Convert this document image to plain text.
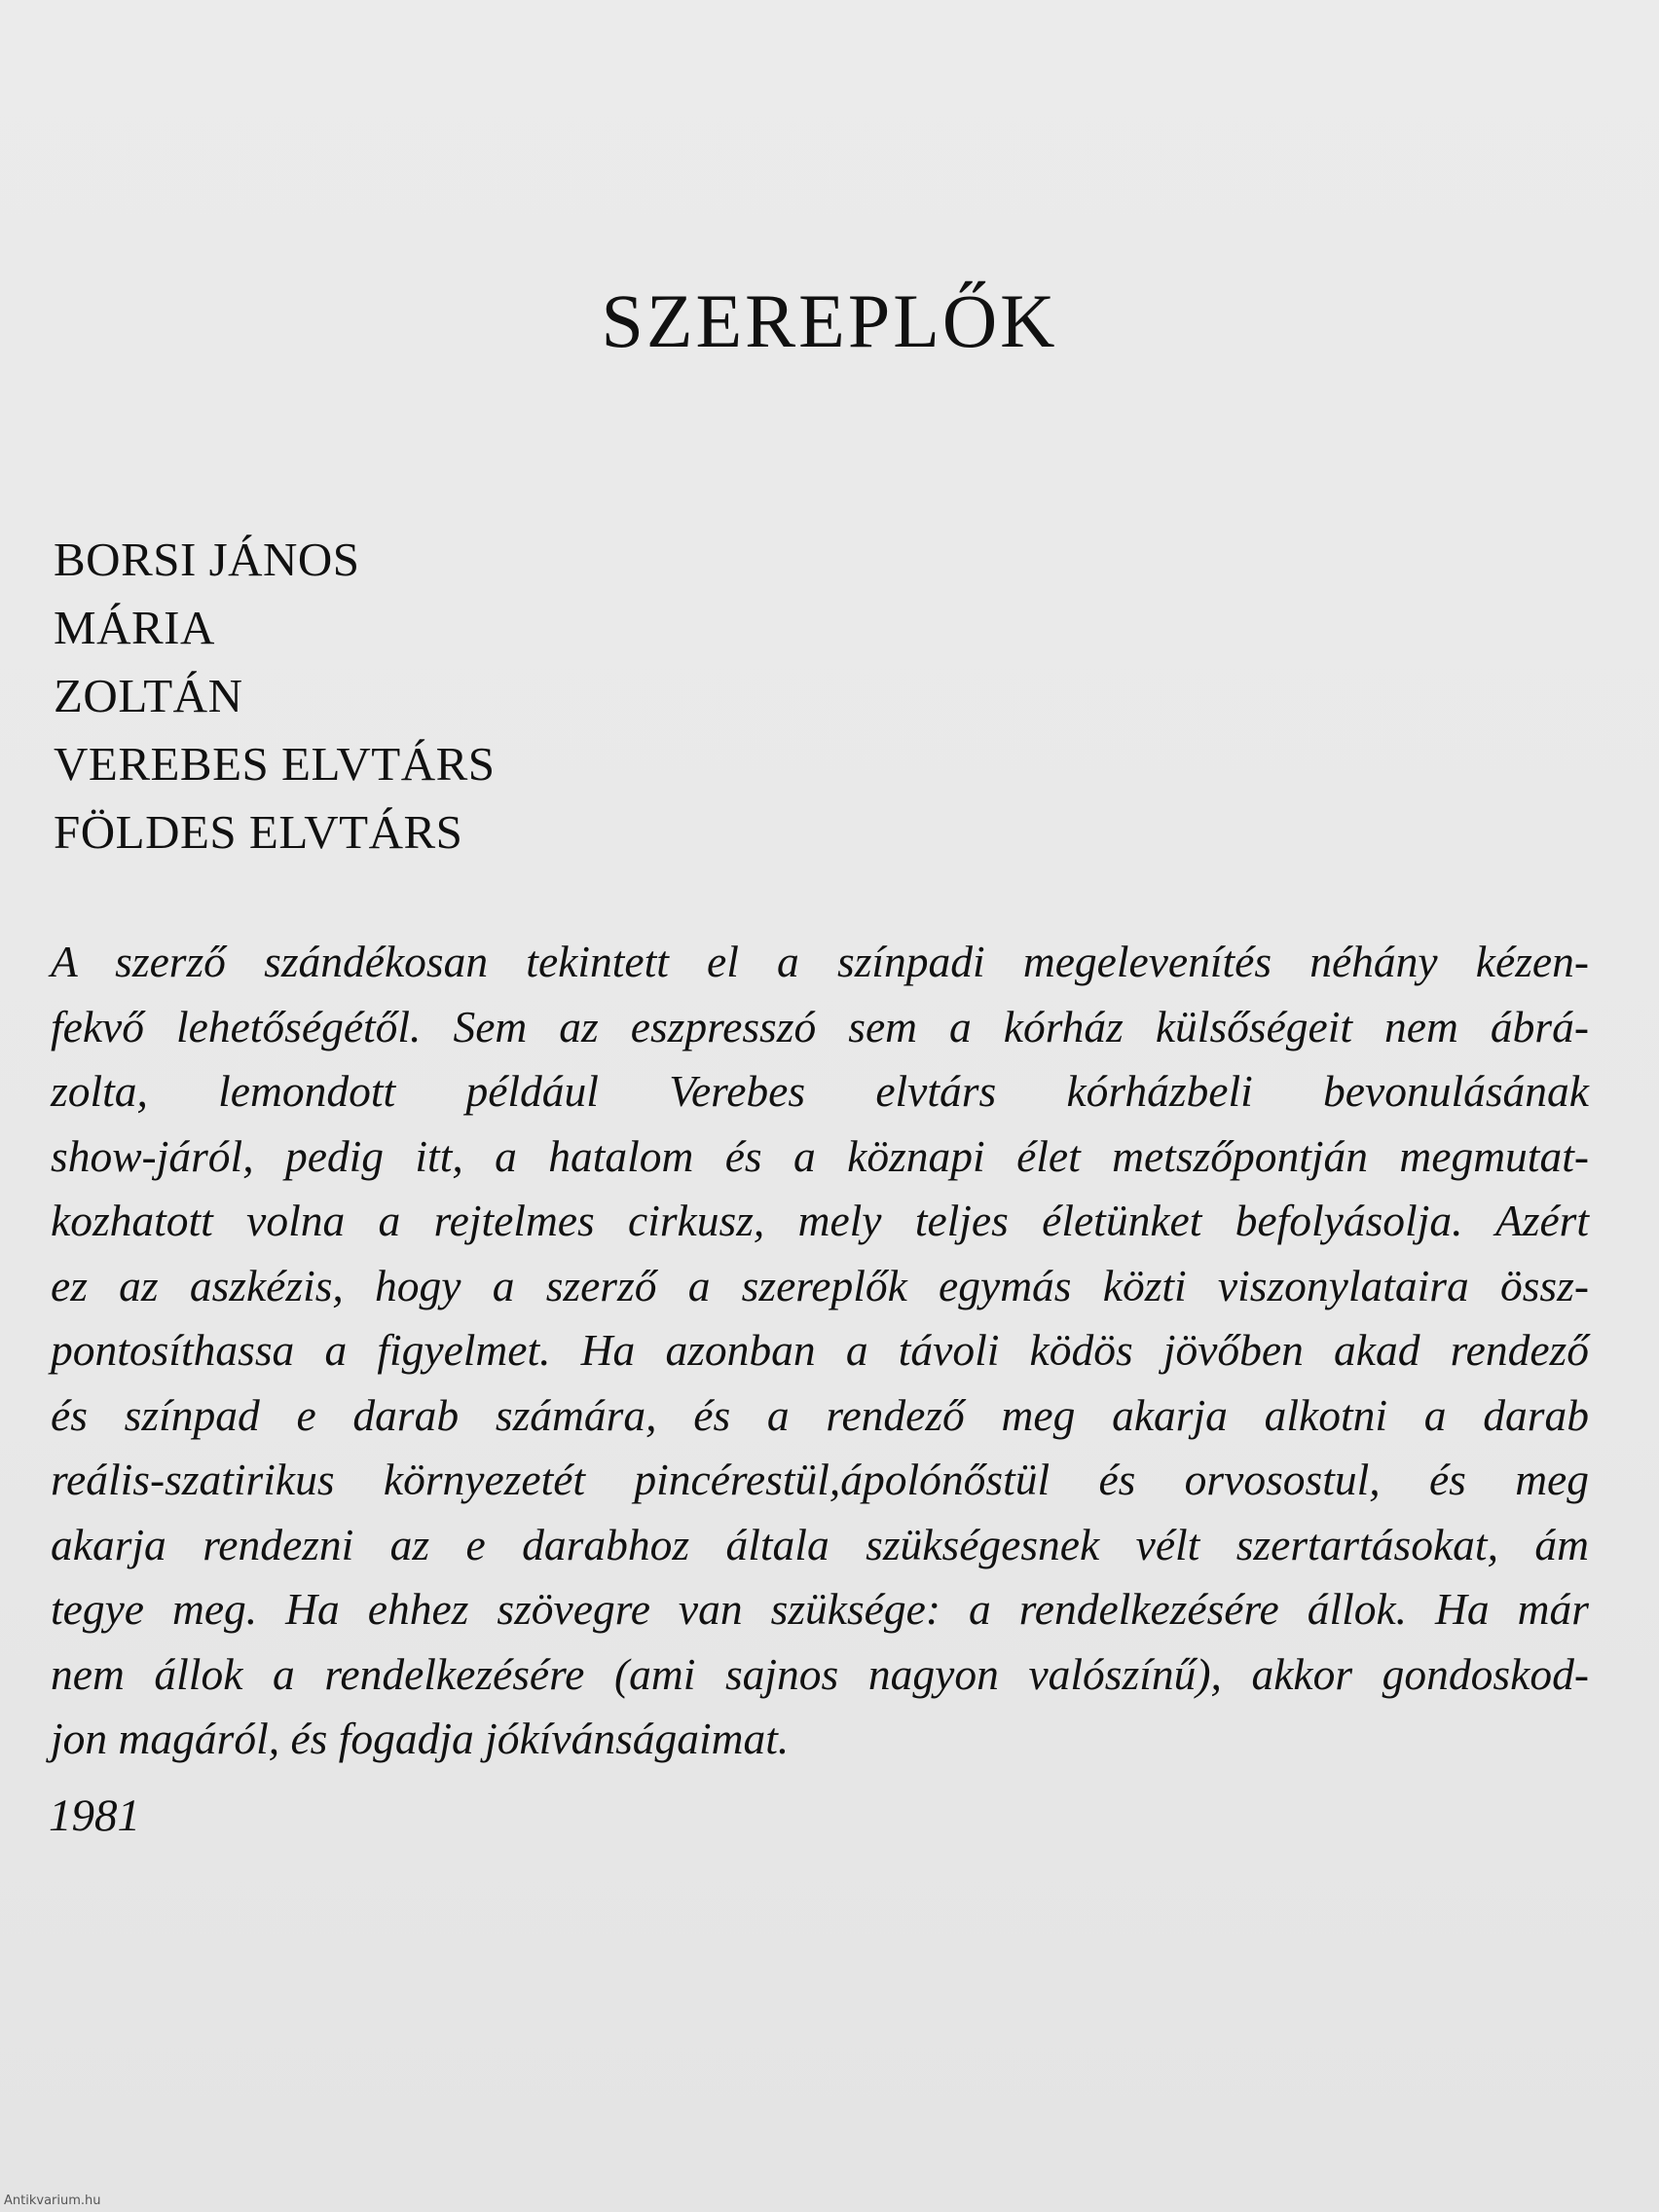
SZEREPLŐK
BORSI JÁNOS
MÁRIA
ZOLTÁN
VEREBES ELVTÁRS
FÖLDES ELVTÁRS
A szerző szándékosan tekintett el a színpadi megelevenítés néhány kézen-
fekvő lehetőségétől. Sem az eszpresszó sem a kórház külsőségeit nem ábrá-
zolta, lemondott például Verebes elvtárs kórházbeli bevonulásának
show-járól, pedig itt, a hatalom és a köznapi élet metszőpontján megmutat-
kozhatott volna a rejtelmes cirkusz, mely teljes életünket befolyásolja. Azért
ez az aszkézis, hogy a szerző a szereplők egymás közti viszonylataira össz-
pontosíthassa a figyelmet. Ha azonban a távoli ködös jövőben akad rendező
és színpad e darab számára, és a rendező meg akarja alkotni a darab
reális-szatirikus környezetét pincérestül,ápolónőstül és orvosostul, és meg
akarja rendezni az e darabhoz általa szükségesnek vélt szertartásokat, ám
tegye meg. Ha ehhez szövegre van szüksége: a rendelkezésére állok. Ha már
nem állok a rendelkezésére (ami sajnos nagyon valószínű), akkor gondoskod-
jon magáról, és fogadja jókívánságaimat.

1981

Antikvarium.hu
